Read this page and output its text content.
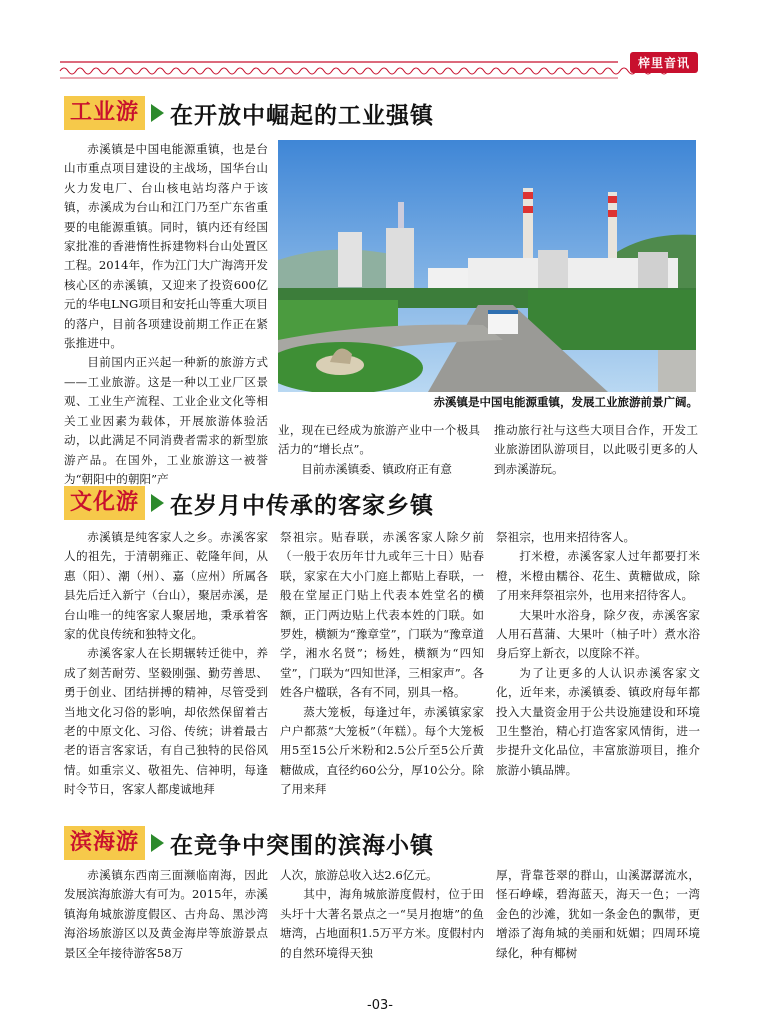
梓里音讯
工业游 在开放中崛起的工业强镇

赤溪镇是中国电能源重镇，也是台山市重点项目建设的主战场，国华台山火力发电厂、台山核电站均落户于该镇，赤溪成为台山和江门乃至广东省重要的电能源重镇。同时，镇内还有经国家批准的香港惰性拆建物料台山处置区工程。2014年，作为江门大广海湾开发核心区的赤溪镇，又迎来了投资600亿元的华电LNG项目和安托山等重大项目的落户，目前各项建设前期工作正在紧张推进中。

目前国内正兴起一种新的旅游方式——工业旅游。这是一种以工业厂区景观、工业生产流程、工业企业文化等相关工业因素为载体，开展旅游体验活动，以此满足不同消费者需求的新型旅游产品。在国外，工业旅游这一被誉为“朝阳中的朝阳”产

赤溪镇是中国电能源重镇，发展工业旅游前景广阔。

业，现在已经成为旅游产业中一个极具活力的“增长点”。

目前赤溪镇委、镇政府正有意

推动旅行社与这些大项目合作，开发工业旅游团队游项目，以此吸引更多的人到赤溪游玩。

文化游 在岁月中传承的客家乡镇

赤溪镇是纯客家人之乡。赤溪客家人的祖先，于清朝雍正、乾隆年间，从惠（阳）、潮（州）、嘉（应州）所属各县先后迁入新宁（台山），聚居赤溪，是台山唯一的纯客家人聚居地，秉承着客家的优良传统和独特文化。

赤溪客家人在长期辗转迁徙中，养成了刻苦耐劳、坚毅刚强、勤劳善思、勇于创业、团结拼搏的精神，尽管受到当地文化习俗的影响，却依然保留着古老的中原文化、习俗、传统；讲着最古老的语言客家话，有自己独特的民俗风情。如重宗义、敬祖先、信神明，每逢时令节日，客家人都虔诚地拜

祭祖宗。贴春联，赤溪客家人除夕前（一般于农历年廿九或年三十日）贴春联，家家在大小门庭上都贴上春联，一般在堂屋正门贴上代表本姓堂名的横额，正门两边贴上代表本姓的门联。如罗姓，横额为“豫章堂”，门联为“豫章道学，湘水名贤”；杨姓，横额为“四知堂”，门联为“四知世泽，三相家声”。各姓各户楹联，各有不同，别具一格。

蒸大笼板，每逢过年，赤溪镇家家户户都蒸“大笼板”（年糕）。每个大笼板用5至15公斤米粉和2.5公斤至5公斤黄糖做成，直径约60公分，厚10公分。除了用来拜

祭祖宗，也用来招待客人。

打米橙，赤溪客家人过年都要打米橙，米橙由糯谷、花生、黄糖做成，除了用来拜祭祖宗外，也用来招待客人。

大果叶水浴身，除夕夜，赤溪客家人用石菖蒲、大果叶（柚子叶）煮水浴身后穿上新衣，以度除不祥。

为了让更多的人认识赤溪客家文化，近年来，赤溪镇委、镇政府每年都投入大量资金用于公共设施建设和环境卫生整治，精心打造客家风情街，进一步提升文化品位，丰富旅游项目，推介旅游小镇品牌。

滨海游 在竞争中突围的滨海小镇

赤溪镇东西南三面濒临南海，因此发展滨海旅游大有可为。2015年，赤溪镇海角城旅游度假区、古舟岛、黑沙湾海浴场旅游区以及黄金海岸等旅游景点景区全年接待游客58万

人次，旅游总收入达2.6亿元。

其中，海角城旅游度假村，位于田头圩十大著名景点之一“吴月抱塘”的鱼塘湾，占地面积1.5万平方米。度假村内的自然环境得天独

厚，背靠苍翠的群山，山溪潺潺流水，怪石峥嵘，碧海蓝天，海天一色；一湾金色的沙滩，犹如一条金色的飘带，更增添了海角城的美丽和妩媚；四周环境绿化，种有椰树

-03-
